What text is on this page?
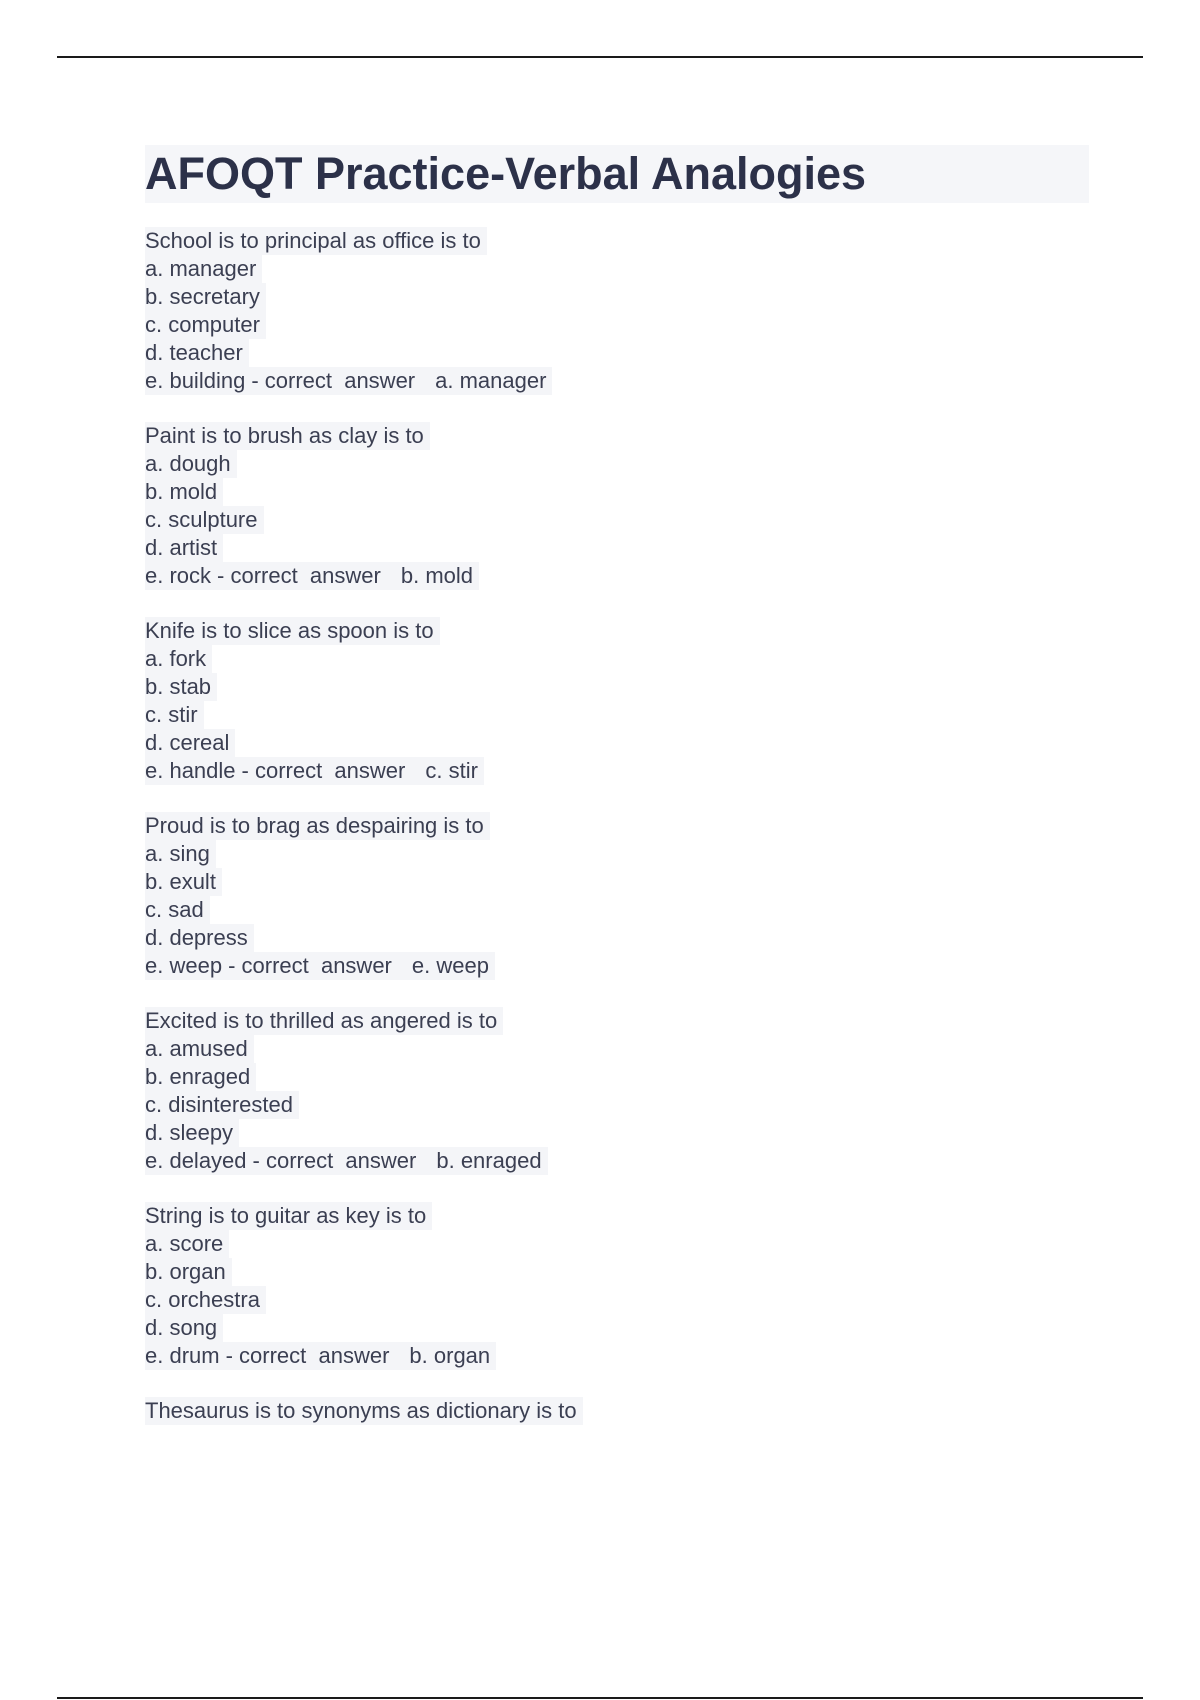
AFOQT Practice-Verbal Analogies
School is to principal as office is to
a. manager
b. secretary
c. computer
d. teacher
e. building - correct  answer a. manager
Paint is to brush as clay is to
a. dough
b. mold
c. sculpture
d. artist
e. rock - correct  answer b. mold
Knife is to slice as spoon is to
a. fork
b. stab
c. stir
d. cereal
e. handle - correct  answer c. stir
Proud is to brag as despairing is to
a. sing
b. exult
c. sad
d. depress
e. weep - correct  answer e. weep
Excited is to thrilled as angered is to
a. amused
b. enraged
c. disinterested
d. sleepy
e. delayed - correct  answer b. enraged
String is to guitar as key is to
a. score
b. organ
c. orchestra
d. song
e. drum - correct  answer b. organ
Thesaurus is to synonyms as dictionary is to
